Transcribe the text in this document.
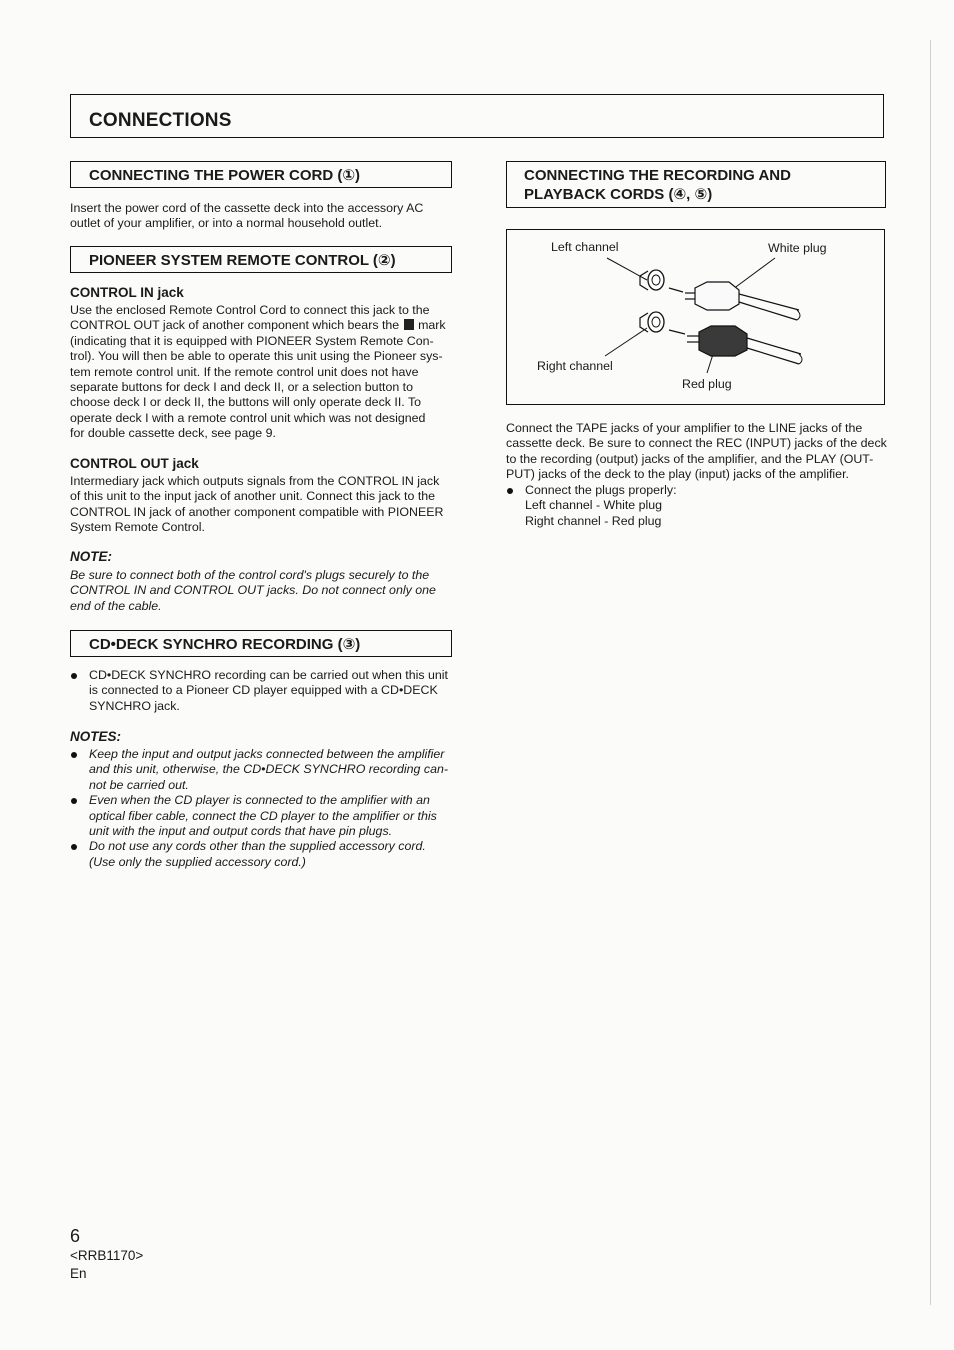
CONNECTIONS
CONNECTING THE POWER CORD (①)
Insert the power cord of the cassette deck into the accessory AC
outlet of your amplifier, or into a normal household outlet.
PIONEER SYSTEM REMOTE CONTROL (②)
CONTROL IN jack
Use the enclosed Remote Control Cord to connect this jack to the
CONTROL OUT jack of another component which bears the mark
(indicating that it is equipped with PIONEER System Remote Con-
trol). You will then be able to operate this unit using the Pioneer sys-
tem remote control unit. If the remote control unit does not have
separate buttons for deck I and deck II, or a selection button to
choose deck I or deck II, the buttons will only operate deck II. To
operate deck I with a remote control unit which was not designed
for double cassette deck, see page 9.
CONTROL OUT jack
Intermediary jack which outputs signals from the CONTROL IN jack
of this unit to the input jack of another unit. Connect this jack to the
CONTROL IN jack of another component compatible with PIONEER
System Remote Control.
NOTE:
Be sure to connect both of the control cord's plugs securely to the
CONTROL IN and CONTROL OUT jacks. Do not connect only one
end of the cable.
CD•DECK SYNCHRO RECORDING (③)
CD•DECK SYNCHRO recording can be carried out when this unit
is connected to a Pioneer CD player equipped with a CD•DECK
SYNCHRO jack.
NOTES:
Keep the input and output jacks connected between the amplifier
and this unit, otherwise, the CD•DECK SYNCHRO recording can-
not be carried out.
Even when the CD player is connected to the amplifier with an
optical fiber cable, connect the CD player to the amplifier or this
unit with the input and output cords that have pin plugs.
Do not use any cords other than the supplied accessory cord.
(Use only the supplied accessory cord.)
CONNECTING THE RECORDING AND
PLAYBACK CORDS (④, ⑤)
Left channel	White plug
Right channel
Red plug
Connect the TAPE jacks of your amplifier to the LINE jacks of the
cassette deck. Be sure to connect the REC (INPUT) jacks of the deck
to the recording (output) jacks of the amplifier, and the PLAY (OUT-
PUT) jacks of the deck to the play (input) jacks of the amplifier.
Connect the plugs properly:
Left channel - White plug
Right channel - Red plug
6
<RRB1170>
En
